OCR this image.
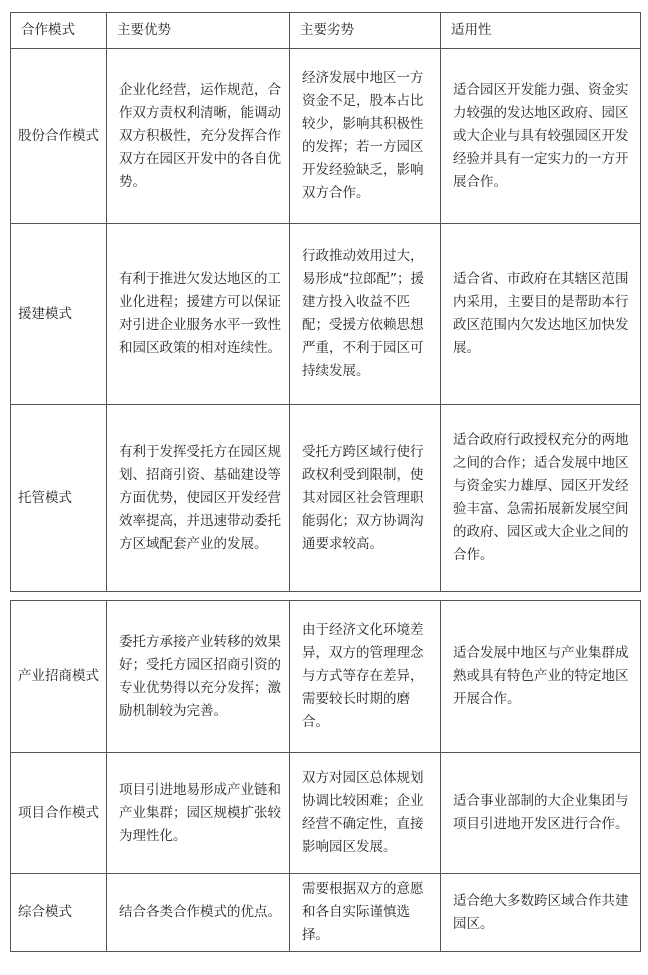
合作模式	主要优势	主要劣势	适用性
股份合作模式	企业化经营，运作规范，合作双方责权利清晰，能调动双方积极性，充分发挥合作双方在园区开发中的各自优势。	经济发展中地区一方资金不足，股本占比较少，影响其积极性的发挥；若一方园区开发经验缺乏，影响双方合作。	适合园区开发能力强、资金实力较强的发达地区政府、园区或大企业与具有较强园区开发经验并具有一定实力的一方开展合作。
援建模式	有利于推进欠发达地区的工业化进程；援建方可以保证对引进企业服务水平一致性和园区政策的相对连续性。	行政推动效用过大，易形成“拉郎配”；援建方投入收益不匹配；受援方依赖思想严重，不利于园区可持续发展。	适合省、市政府在其辖区范围内采用，主要目的是帮助本行政区范围内欠发达地区加快发展。
托管模式	有利于发挥受托方在园区规划、招商引资、基础建设等方面优势，使园区开发经营效率提高，并迅速带动委托方区域配套产业的发展。	受托方跨区域行使行政权利受到限制，使其对园区社会管理职能弱化；双方协调沟通要求较高。	适合政府行政授权充分的两地之间的合作；适合发展中地区与资金实力雄厚、园区开发经验丰富、急需拓展新发展空间的政府、园区或大企业之间的合作。

产业招商模式	委托方承接产业转移的效果好；受托方园区招商引资的专业优势得以充分发挥；激励机制较为完善。	由于经济文化环境差异，双方的管理理念与方式等存在差异，需要较长时期的磨合。	适合发展中地区与产业集群成熟或具有特色产业的特定地区开展合作。
项目合作模式	项目引进地易形成产业链和产业集群；园区规模扩张较为理性化。	双方对园区总体规划协调比较困难；企业经营不确定性，直接影响园区发展。	适合事业部制的大企业集团与项目引进地开发区进行合作。
综合模式	结合各类合作模式的优点。	需要根据双方的意愿和各自实际谨慎选择。	适合绝大多数跨区域合作共建园区。
